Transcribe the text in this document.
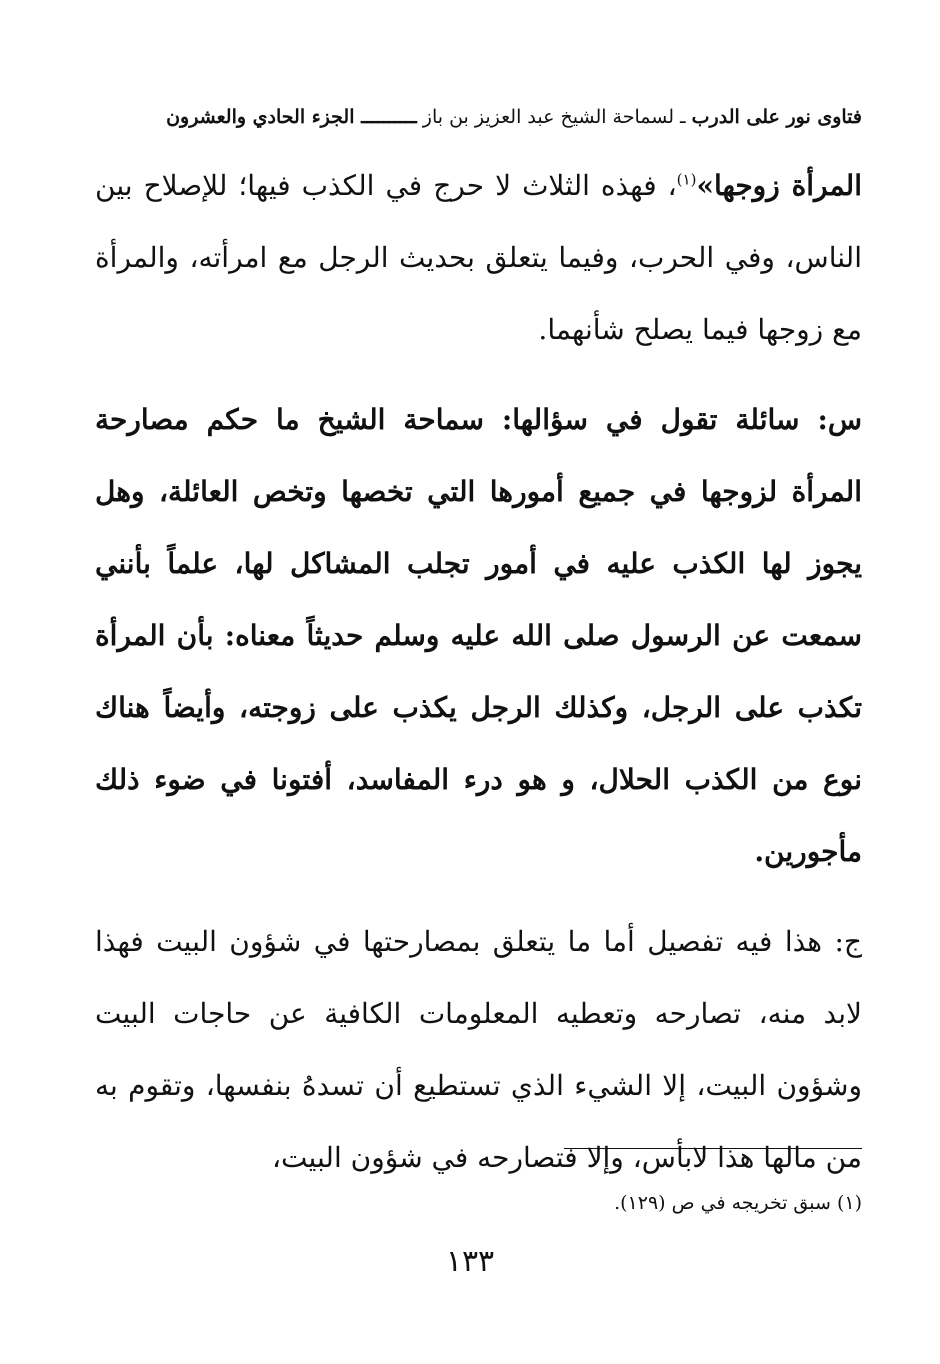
فتاوى نور على الدرب ـ لسماحة الشيخ عبد العزيز بن باز ــــــــــ الجزء الحادي والعشرون

المرأة زوجها»$^{(١)}$، فهذه الثلاث لا حرج في الكذب فيها؛ للإصلاح بين الناس، وفي الحرب، وفيما يتعلق بحديث الرجل مع امرأته، والمرأة مع زوجها فيما يصلح شأنهما.

س: سائلة تقول في سؤالها: سماحة الشيخ ما حكم مصارحة المرأة لزوجها في جميع أمورها التي تخصها وتخص العائلة، وهل يجوز لها الكذب عليه في أمور تجلب المشاكل لها، علماً بأنني سمعت عن الرسول صلى الله عليه وسلم حديثاً معناه: بأن المرأة تكذب على الرجل، وكذلك الرجل يكذب على زوجته، وأيضاً هناك نوع من الكذب الحلال، و هو درء المفاسد، أفتونا في ضوء ذلك مأجورين.

ج: هذا فيه تفصيل أما ما يتعلق بمصارحتها في شؤون البيت فهذا لابد منه، تصارحه وتعطيه المعلومات الكافية عن حاجات البيت وشؤون البيت، إلا الشيء الذي تستطيع أن تسدهُ بنفسها، وتقوم به من مالها هذا لابأس، وإلا فتصارحه في شؤون البيت،

(١) سبق تخريجه في ص (١٢٩).
١٣٣
